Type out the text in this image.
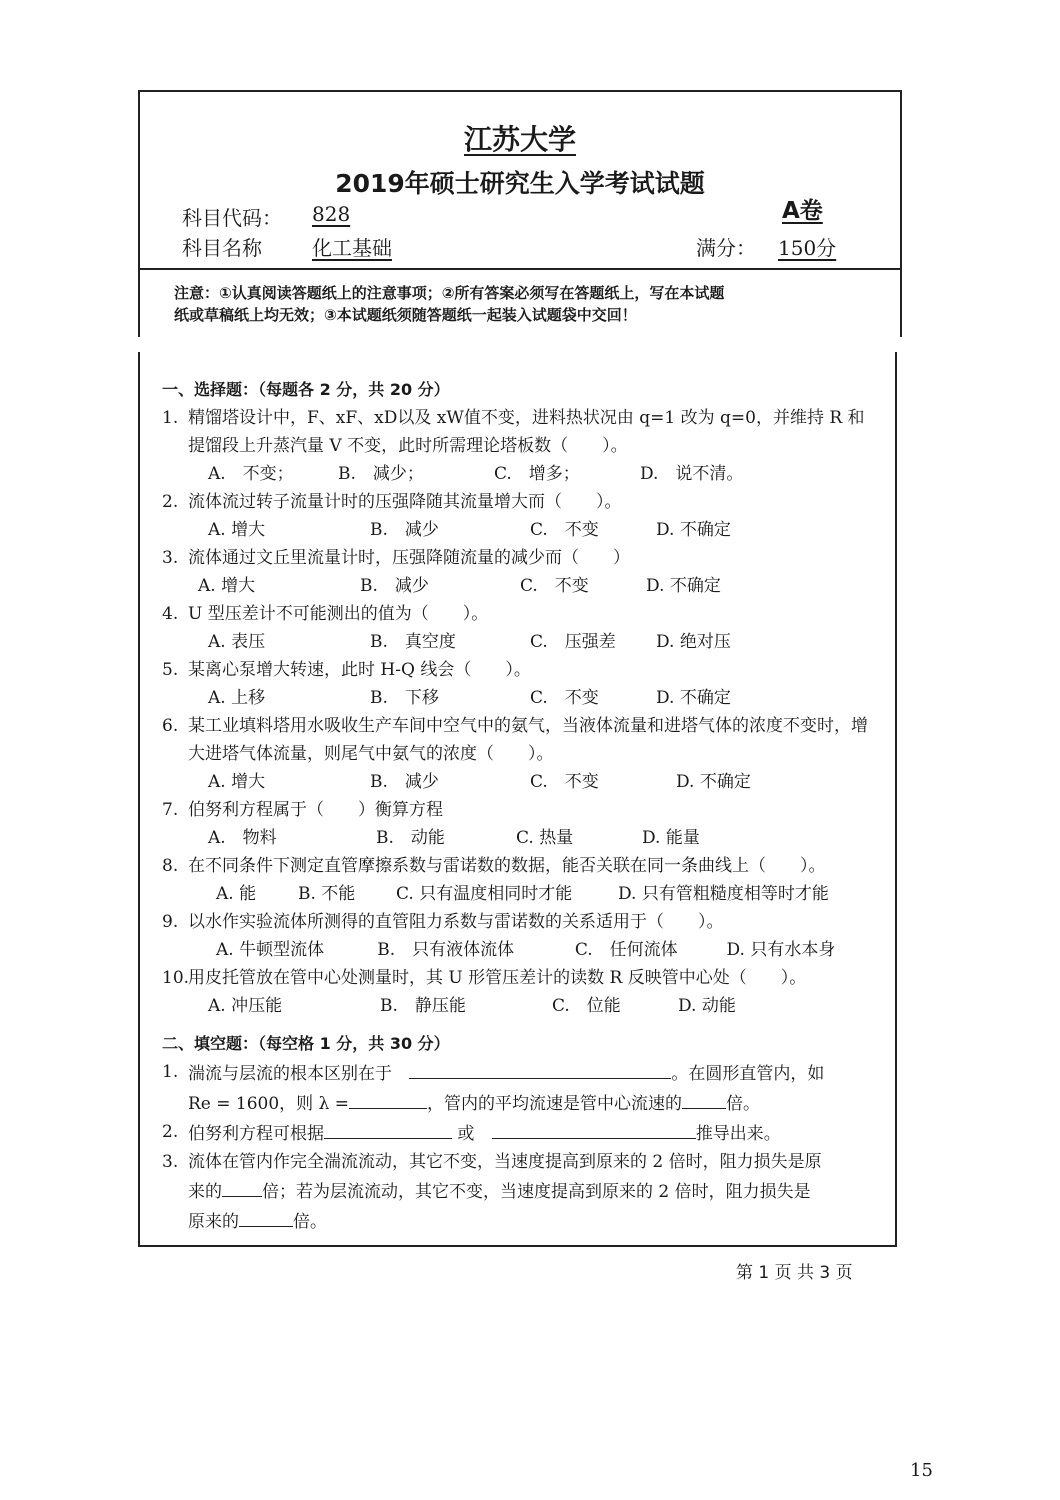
江苏大学
2019年硕士研究生入学考试试题
科目代码： 828	A卷
科目名称	化工基础	满分： 150分
注意：①认真阅读答题纸上的注意事项；②所有答案必须写在答题纸上，写在本试题
纸或草稿纸上均无效；③本试题纸须随答题纸一起装入试题袋中交回！
一、选择题：（每题各 2 分，共 20 分）
1. 精馏塔设计中，F、xF、xD以及 xW值不变，进料热状况由 q=1 改为 q=0，并维持 R 和提馏段上升蒸汽量 V 不变，此时所需理论塔板数（　　）。
A.　不变；	B.　减少；	C.　增多；	D.　说不清。
2. 流体流过转子流量计时的压强降随其流量增大而（　　）。
A. 增大	B.　减少	C.　不变	D. 不确定
3. 流体通过文丘里流量计时，压强降随流量的减少而（　　）
A. 增大	B.　减少	C.　不变	D. 不确定
4. U 型压差计不可能测出的值为（　　）。
A. 表压	B.　真空度	C.　压强差	D. 绝对压
5. 某离心泵增大转速，此时 H-Q 线会（　　）。
A. 上移	B.　下移	C.　不变	D. 不确定
6. 某工业填料塔用水吸收生产车间中空气中的氨气，当液体流量和进塔气体的浓度不变时，增大进塔气体流量，则尾气中氨气的浓度（　　）。
A. 增大	B.　减少	C.　不变	D. 不确定
7. 伯努利方程属于（　　）衡算方程
A.　物料	B.　动能	C. 热量	D. 能量
8. 在不同条件下测定直管摩擦系数与雷诺数的数据，能否关联在同一条曲线上（　　）。
A. 能	B. 不能	C. 只有温度相同时才能	D. 只有管粗糙度相等时才能
9. 以水作实验流体所测得的直管阻力系数与雷诺数的关系适用于（　　）。
A. 牛顿型流体	B.　只有液体流体	C.　任何流体	D. 只有水本身
10.
用皮托管放在管中心处测量时，其 U 形管压差计的读数 R 反映管中心处（　　）。
A. 冲压能	B.　静压能	C.　位能	D. 动能
二、填空题：（每空格 1 分，共 30 分）
1. 湍流与层流的根本区别在于	。在圆形直管内，如
Re = 1600，则 λ =	，管内的平均流速是管中心流速的	倍。
2. 伯努利方程可根据	或	推导出来。
3. 流体在管内作完全湍流流动，其它不变，当速度提高到原来的 2 倍时，阻力损失是原
来的 倍；若为层流流动，其它不变，当速度提高到原来的 2 倍时，阻力损失是
原来的	倍。
第 1 页 共 3 页
15
